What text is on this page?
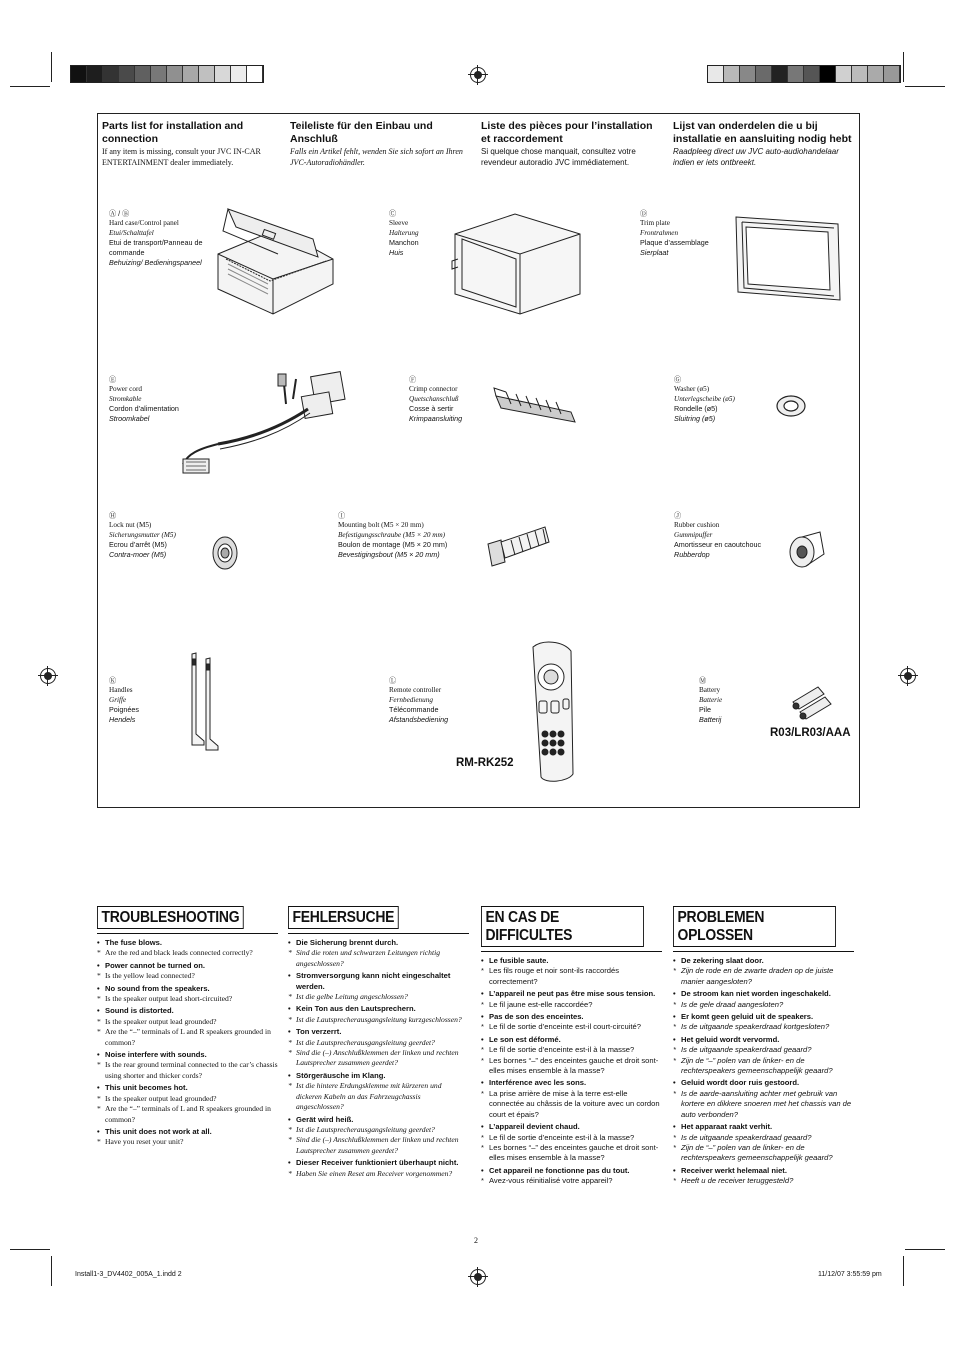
Parts list for installation and connection
If any item is missing, consult your JVC IN-CAR ENTERTAINMENT dealer immediately.
Teileliste für den Einbau und Anschluß
Falls ein Artikel fehlt, wenden Sie sich sofort an Ihren JVC-Autoradiohändler.
Liste des pièces pour l’installation et raccordement
Si quelque chose manquait, consultez votre revendeur autoradio JVC immédiatement.
Lijst van onderdelen die u bij installatie en aansluiting nodig hebt
Raadpleeg direct uw JVC auto-audiohandelaar indien er iets ontbreekt.
Ⓐ / Ⓑ
Hard case/Control panel
Etui/Schalttafel
Etui de transport/Panneau de commande
Behuizing/ Bedieningspaneel
Ⓒ
Sleeve
Halterung
Manchon
Huis
Ⓓ
Trim plate
Frontrahmen
Plaque d’assemblage
Sierplaat
Ⓔ
Power cord
Stromkable
Cordon d’alimentation
Stroomkabel
Ⓕ
Crimp connector
Quetschanschluß
Cosse à sertir
Krimpaansluiting
Ⓖ
Washer (ø5)
Unterlegscheibe (ø5)
Rondelle (ø5)
Sluitring (ø5)
Ⓗ
Lock nut (M5)
Sicherungsmutter (M5)
Ecrou d’arrêt (M5)
Contra-moer (M5)
Ⓘ
Mounting bolt (M5 × 20 mm)
Befestigungsschraube (M5 × 20 mm)
Boulon de montage (M5 × 20 mm)
Bevestigingsbout (M5 × 20 mm)
Ⓙ
Rubber cushion
Gummipuffer
Amortisseur en caoutchouc
Rubberdop
Ⓚ
Handles
Griffe
Poignées
Hendels
Ⓛ
Remote controller
Fernbedienung
Télécommande
Afstandsbediening
Ⓜ
Battery
Batterie
Pile
Batterij
RM-RK252
R03/LR03/AAA
TROUBLESHOOTING
• The fuse blows.
* Are the red and black leads connected correctly?
• Power cannot be turned on.
* Is the yellow lead connected?
• No sound from the speakers.
* Is the speaker output lead short-circuited?
• Sound is distorted.
* Is the speaker output lead grounded?
* Are the “–” terminals of L and R speakers grounded in common?
• Noise interfere with sounds.
* Is the rear ground terminal connected to the car’s chassis using shorter and thicker cords?
• This unit becomes hot.
* Is the speaker output lead grounded?
* Are the “–” terminals of L and R speakers grounded in common?
• This unit does not work at all.
* Have you reset your unit?
FEHLERSUCHE
• Die Sicherung brennt durch.
* Sind die roten und schwarzen Leitungen richtig angeschlossen?
• Stromversorgung kann nicht eingeschaltet werden.
* Ist die gelbe Leitung angeschlossen?
• Kein Ton aus den Lautsprechern.
* Ist die Lautsprecherausgangsleitung kurzgeschlossen?
• Ton verzerrt.
* Ist die Lautsprecherausgangsleitung geerdet?
* Sind die (–) Anschlußklemmen der linken und rechten Lautsprecher zusammen geerdet?
• Störgeräusche im Klang.
* Ist die hintere Erdungsklemme mit kürzeren und dickeren Kabeln an das Fahrzeugchassis angeschlossen?
• Gerät wird heiß.
* Ist die Lautsprecherausgangsleitung geerdet?
* Sind die (–) Anschlußklemmen der linken und rechten Lautsprecher zusammen geerdet?
• Dieser Receiver funktioniert überhaupt nicht.
* Haben Sie einen Reset am Receiver vorgenommen?
EN CAS DE DIFFICULTES
• Le fusible saute.
* Les fils rouge et noir sont-ils raccordés correctement?
• L’appareil ne peut pas être mise sous tension.
* Le fil jaune est-elle raccordée?
• Pas de son des enceintes.
* Le fil de sortie d’enceinte est-il court-circuité?
• Le son est déformé.
* Le fil de sortie d’enceinte est-il à la masse?
* Les bornes “–” des enceintes gauche et droit sont-elles mises ensemble à la masse?
• Interférence avec les sons.
* La prise arrière de mise à la terre est-elle connectée au châssis de la voiture avec un cordon court et épais?
• L’appareil devient chaud.
* Le fil de sortie d’enceinte est-il à la masse?
* Les bornes “–” des enceintes gauche et droit sont-elles mises ensemble à la masse?
• Cet appareil ne fonctionne pas du tout.
* Avez-vous réinitialisé votre appareil?
PROBLEMEN OPLOSSEN
• De zekering slaat door.
* Zijn de rode en de zwarte draden op de juiste manier aangesloten?
• De stroom kan niet worden ingeschakeld.
* Is de gele draad aangesloten?
• Er komt geen geluid uit de speakers.
* Is de uitgaande speakerdraad kortgesloten?
• Het geluid wordt vervormd.
* Is de uitgaande speakerdraad geaard?
* Zijn de “–” polen van de linker- en de rechterspeakers gemeenschappelijk geaard?
• Geluid wordt door ruis gestoord.
* Is de aarde-aansluiting achter met gebruik van kortere en dikkere snoeren met het chassis van de auto verbonden?
• Het apparaat raakt verhit.
* Is de uitgaande speakerdraad geaard?
* Zijn de “–” polen van de linker- en de rechterspeakers gemeenschappelijk geaard?
• Receiver werkt helemaal niet.
* Heeft u de receiver teruggesteld?
2
Install1-3_DV4402_005A_1.indd 2	11/12/07 3:55:59 pm
